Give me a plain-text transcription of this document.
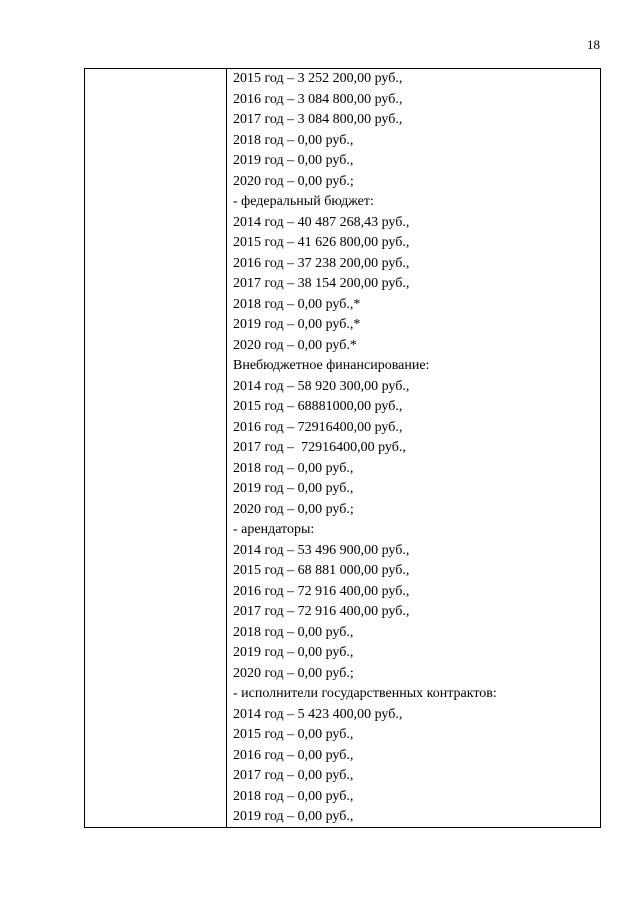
18
2015 год – 3 252 200,00 руб.,
2016 год – 3 084 800,00 руб.,
2017 год – 3 084 800,00 руб.,
2018 год – 0,00 руб.,
2019 год – 0,00 руб.,
2020 год – 0,00 руб.;
- федеральный бюджет:
2014 год – 40 487 268,43 руб.,
2015 год – 41 626 800,00 руб.,
2016 год – 37 238 200,00 руб.,
2017 год – 38 154 200,00 руб.,
2018 год – 0,00 руб.,*
2019 год – 0,00 руб.,*
2020 год – 0,00 руб.*
Внебюджетное финансирование:
2014 год – 58 920 300,00 руб.,
2015 год – 68881000,00 руб.,
2016 год – 72916400,00 руб.,
2017 год –  72916400,00 руб.,
2018 год – 0,00 руб.,
2019 год – 0,00 руб.,
2020 год – 0,00 руб.;
- арендаторы:
2014 год – 53 496 900,00 руб.,
2015 год – 68 881 000,00 руб.,
2016 год – 72 916 400,00 руб.,
2017 год – 72 916 400,00 руб.,
2018 год – 0,00 руб.,
2019 год – 0,00 руб.,
2020 год – 0,00 руб.;
- исполнители государственных контрактов:
2014 год – 5 423 400,00 руб.,
2015 год – 0,00 руб.,
2016 год – 0,00 руб.,
2017 год – 0,00 руб.,
2018 год – 0,00 руб.,
2019 год – 0,00 руб.,
